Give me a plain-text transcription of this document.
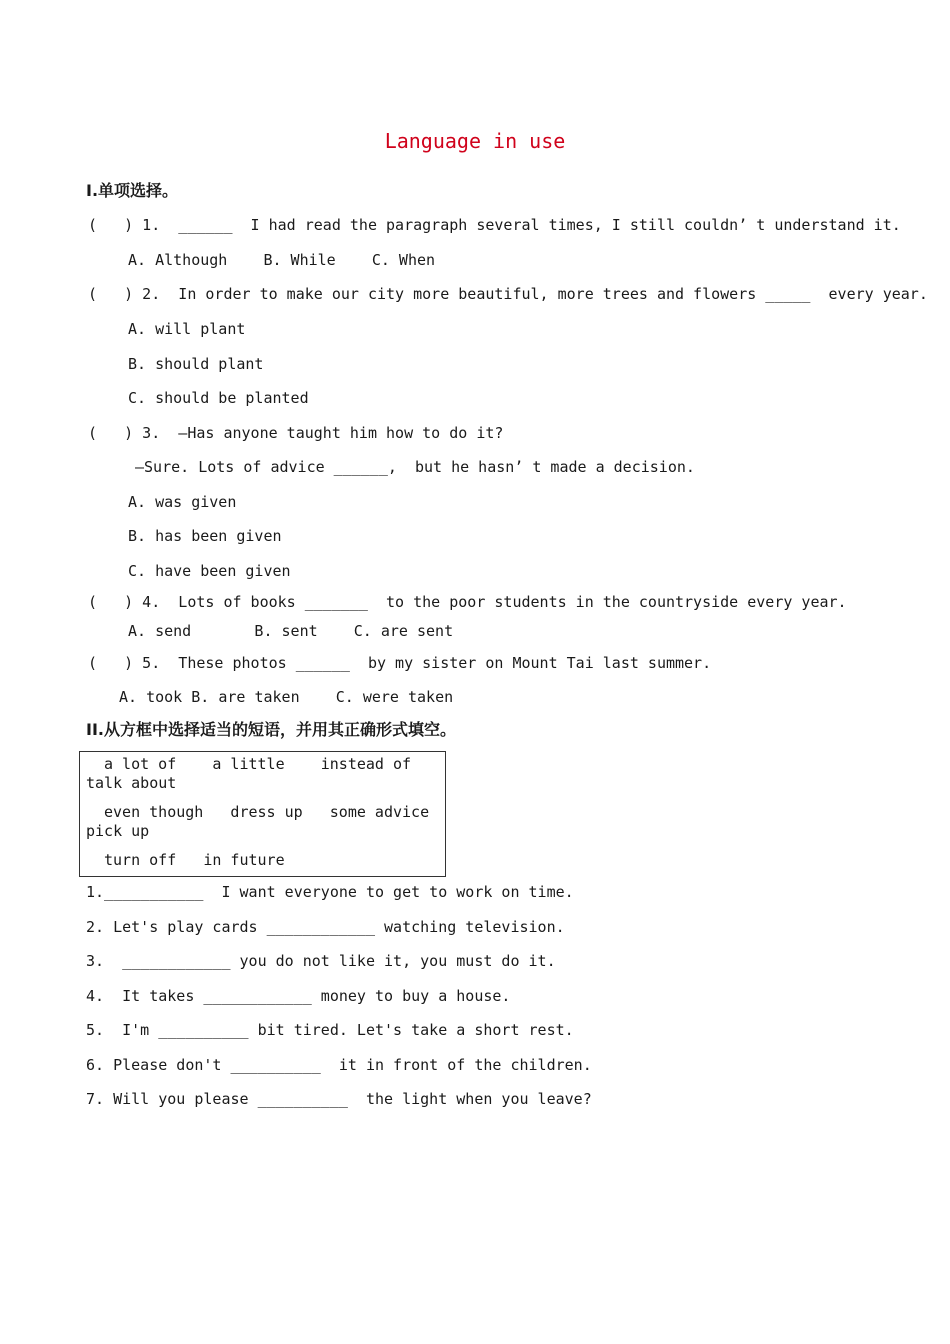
Language in use
I.单项选择。
(   ) 1.  ______  I had read the paragraph several times, I still couldn’ t understand it.
A. Although    B. While    C. When
(   ) 2.  In order to make our city more beautiful, more trees and flowers _____  every year.
A. will plant
B. should plant
C. should be planted
(   ) 3.  —Has anyone taught him how to do it?
—Sure. Lots of advice ______,  but he hasn’ t made a decision.
A. was given
B. has been given
C. have been given
(   ) 4.  Lots of books _______  to the poor students in the countryside every year.
A. send       B. sent    C. are sent
(   ) 5.  These photos ______  by my sister on Mount Tai last summer.
A. took B. are taken    C. were taken
II.从方框中选择适当的短语，并用其正确形式填空。
a lot of    a little    instead of   talk about
even though   dress up   some advice pick up
turn off   in future
1.___________  I want everyone to get to work on time.
2. Let's play cards ____________ watching television.
3.  ____________ you do not like it, you must do it.
4.  It takes ____________ money to buy a house.
5.  I'm __________ bit tired. Let's take a short rest.
6. Please don't __________  it in front of the children.
7. Will you please __________  the light when you leave?
